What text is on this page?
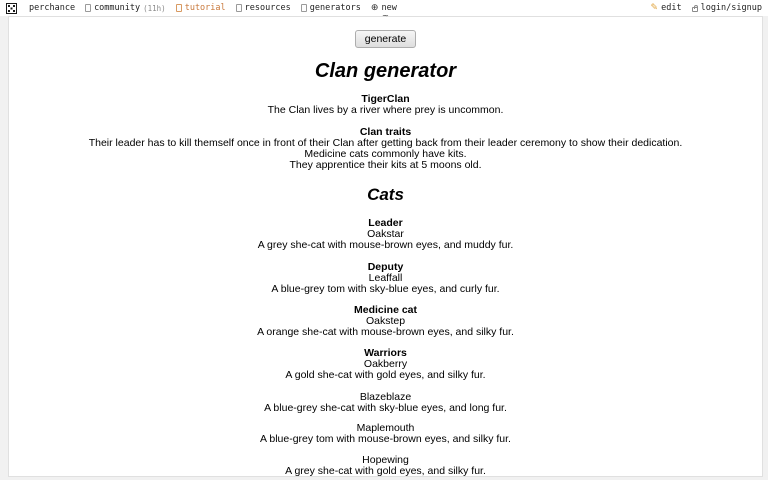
perchance community (11h) tutorial resources generators ⊕ new	✎ edit login/signup
~
generate
Clan generator
TigerClan
The Clan lives by a river where prey is uncommon.
Clan traits
Their leader has to kill themself once in front of their Clan after getting back from their leader ceremony to show their dedication.
Medicine cats commonly have kits.
They apprentice their kits at 5 moons old.
Cats
Leader
Oakstar
A grey she-cat with mouse-brown eyes, and muddy fur.
Deputy
Leaffall
A blue-grey tom with sky-blue eyes, and curly fur.
Medicine cat
Oakstep
A orange she-cat with mouse-brown eyes, and silky fur.
Warriors
Oakberry
A gold she-cat with gold eyes, and silky fur.
Blazeblaze
A blue-grey she-cat with sky-blue eyes, and long fur.
Maplemouth
A blue-grey tom with mouse-brown eyes, and silky fur.
Hopewing
A grey she-cat with gold eyes, and silky fur.
